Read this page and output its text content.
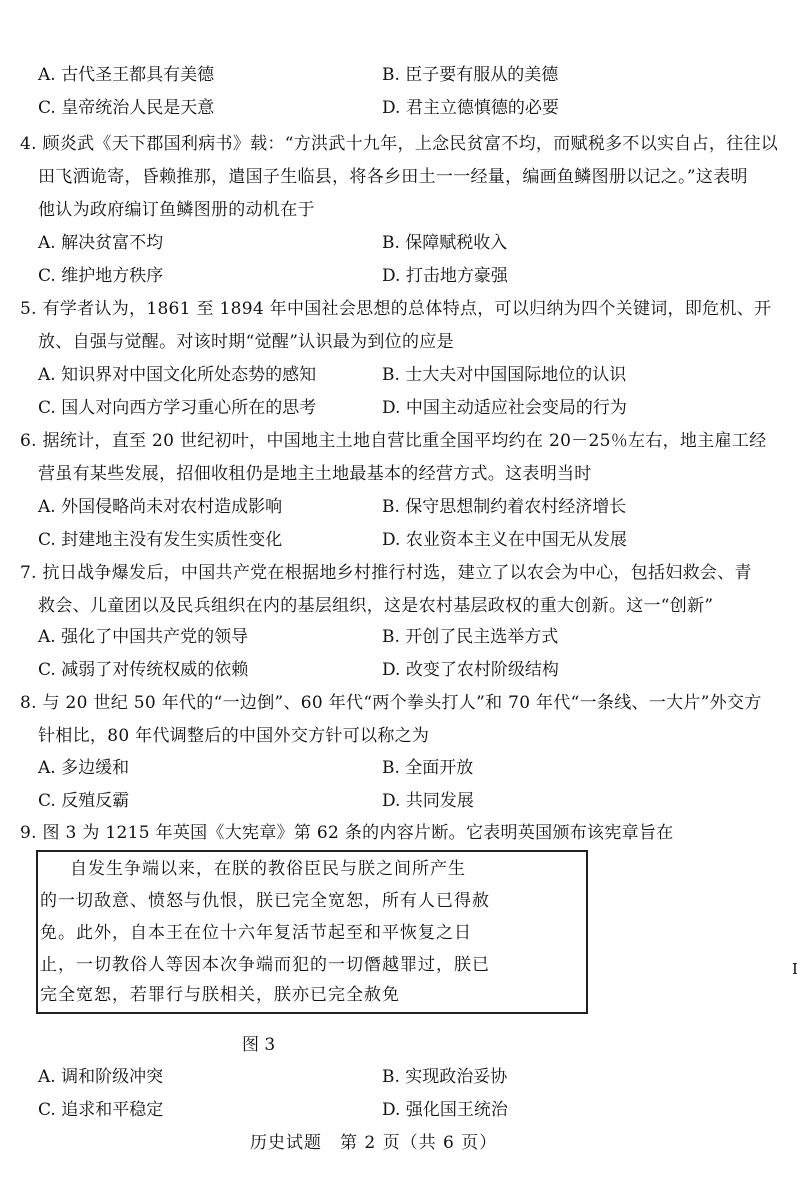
A. 古代圣王都具有美德	B. 臣子要有服从的美德
C. 皇帝统治人民是天意	D. 君主立德慎德的必要
4. 顾炎武《天下郡国利病书》载：“方洪武十九年，上念民贫富不均，而赋税多不以实自占，往往以
田飞洒诡寄，昏赖推那，遣国子生临县，将各乡田土一一经量，编画鱼鳞图册以记之。”这表明
他认为政府编订鱼鳞图册的动机在于
A. 解决贫富不均	B. 保障赋税收入
C. 维护地方秩序	D. 打击地方豪强
5. 有学者认为，1861 至 1894 年中国社会思想的总体特点，可以归纳为四个关键词，即危机、开
放、自强与觉醒。对该时期“觉醒”认识最为到位的应是
A. 知识界对中国文化所处态势的感知	B. 士大夫对中国国际地位的认识
C. 国人对向西方学习重心所在的思考	D. 中国主动适应社会变局的行为
6. 据统计，直至 20 世纪初叶，中国地主土地自营比重全国平均约在 20－25％左右，地主雇工经
营虽有某些发展，招佃收租仍是地主土地最基本的经营方式。这表明当时
A. 外国侵略尚未对农村造成影响	B. 保守思想制约着农村经济增长
C. 封建地主没有发生实质性变化	D. 农业资本主义在中国无从发展
7. 抗日战争爆发后，中国共产党在根据地乡村推行村选，建立了以农会为中心，包括妇救会、青
救会、儿童团以及民兵组织在内的基层组织，这是农村基层政权的重大创新。这一“创新”
A. 强化了中国共产党的领导	B. 开创了民主选举方式
C. 减弱了对传统权威的依赖	D. 改变了农村阶级结构
8. 与 20 世纪 50 年代的“一边倒”、60 年代“两个拳头打人”和 70 年代“一条线、一大片”外交方
针相比，80 年代调整后的中国外交方针可以称之为
A. 多边缓和	B. 全面开放
C. 反殖反霸	D. 共同发展
9. 图 3 为 1215 年英国《大宪章》第 62 条的内容片断。它表明英国颁布该宪章旨在
自发生争端以来，在朕的教俗臣民与朕之间所产生
的一切敌意、愤怒与仇恨，朕已完全宽恕，所有人已得赦
免。此外，自本王在位十六年复活节起至和平恢复之日
止，一切教俗人等因本次争端而犯的一切僭越罪过，朕已
完全宽恕，若罪行与朕相关，朕亦已完全赦免
图 3
A. 调和阶级冲突	B. 实现政治妥协
C. 追求和平稳定	D. 强化国王统治
历史试题　第 2 页（共 6 页）
I
